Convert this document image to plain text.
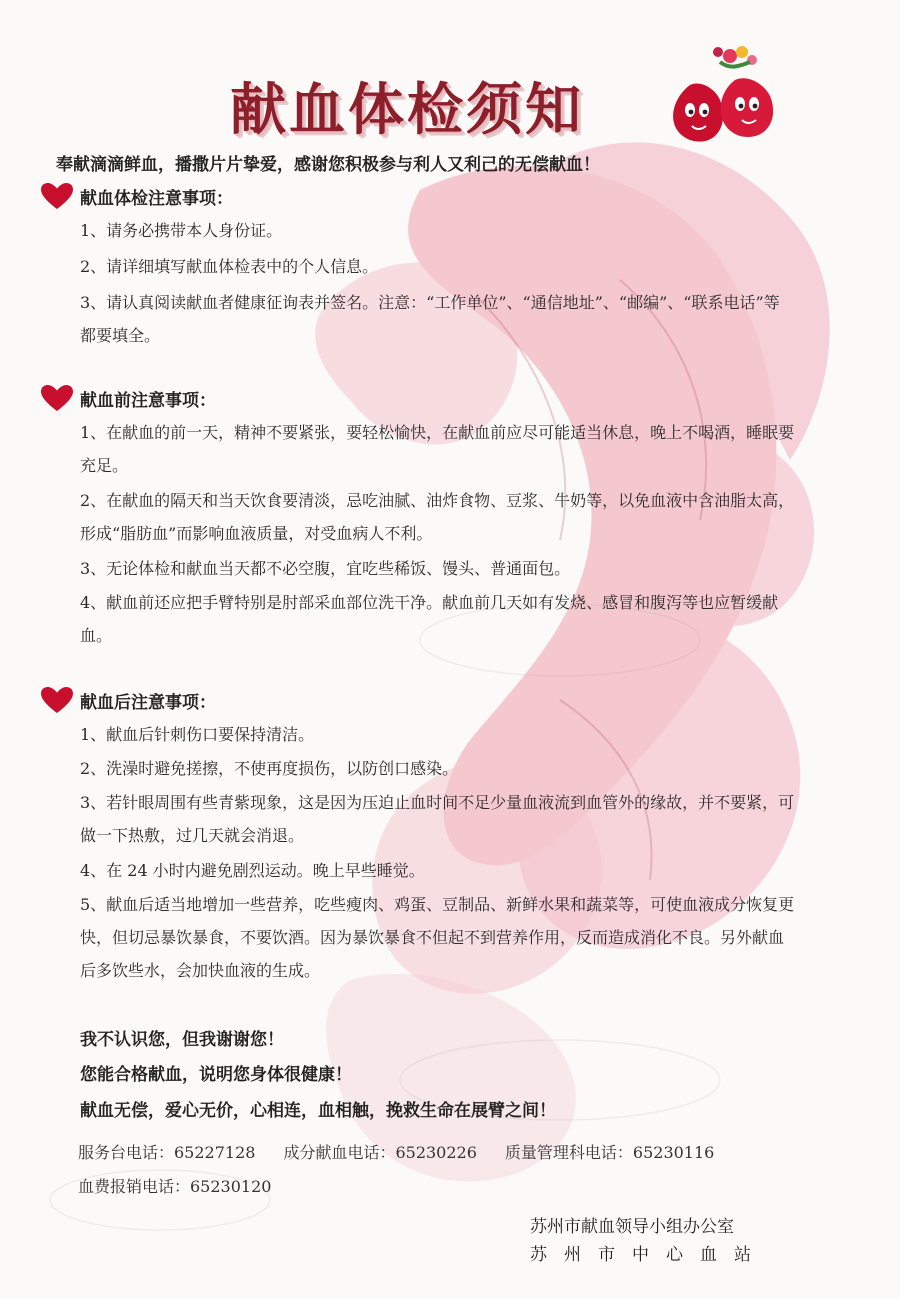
献血体检须知

奉献滴滴鲜血，播撒片片挚爱，感谢您积极参与利人又利己的无偿献血！

献血体检注意事项：

1、请务必携带本人身份证。

2、请详细填写献血体检表中的个人信息。

3、请认真阅读献血者健康征询表并签名。注意：“工作单位”、“通信地址”、“邮编”、“联系电话”等都要填全。

献血前注意事项：

1、在献血的前一天，精神不要紧张，要轻松愉快，在献血前应尽可能适当休息，晚上不喝酒，睡眠要充足。

2、在献血的隔天和当天饮食要清淡，忌吃油腻、油炸食物、豆浆、牛奶等，以免血液中含油脂太高，形成“脂肪血”而影响血液质量，对受血病人不利。

3、无论体检和献血当天都不必空腹，宜吃些稀饭、馒头、普通面包。

4、献血前还应把手臂特别是肘部采血部位洗干净。献血前几天如有发烧、感冒和腹泻等也应暂缓献血。

献血后注意事项：

1、献血后针刺伤口要保持清洁。

2、洗澡时避免搓擦，不使再度损伤，以防创口感染。

3、若针眼周围有些青紫现象，这是因为压迫止血时间不足少量血液流到血管外的缘故，并不要紧，可做一下热敷，过几天就会消退。

4、在 24 小时内避免剧烈运动。晚上早些睡觉。

5、献血后适当地增加一些营养，吃些瘦肉、鸡蛋、豆制品、新鲜水果和蔬菜等，可使血液成分恢复更快，但切忌暴饮暴食，不要饮酒。因为暴饮暴食不但起不到营养作用，反而造成消化不良。另外献血后多饮些水，会加快血液的生成。

我不认识您，但我谢谢您！

您能合格献血，说明您身体很健康！

献血无偿，爱心无价，心相连，血相触，挽救生命在展臂之间！

服务台电话：65227128 成分献血电话：65230226 质量管理科电话：65230116
血费报销电话：65230120

苏州市献血领导小组办公室

苏　州　市　中　心　血　站
